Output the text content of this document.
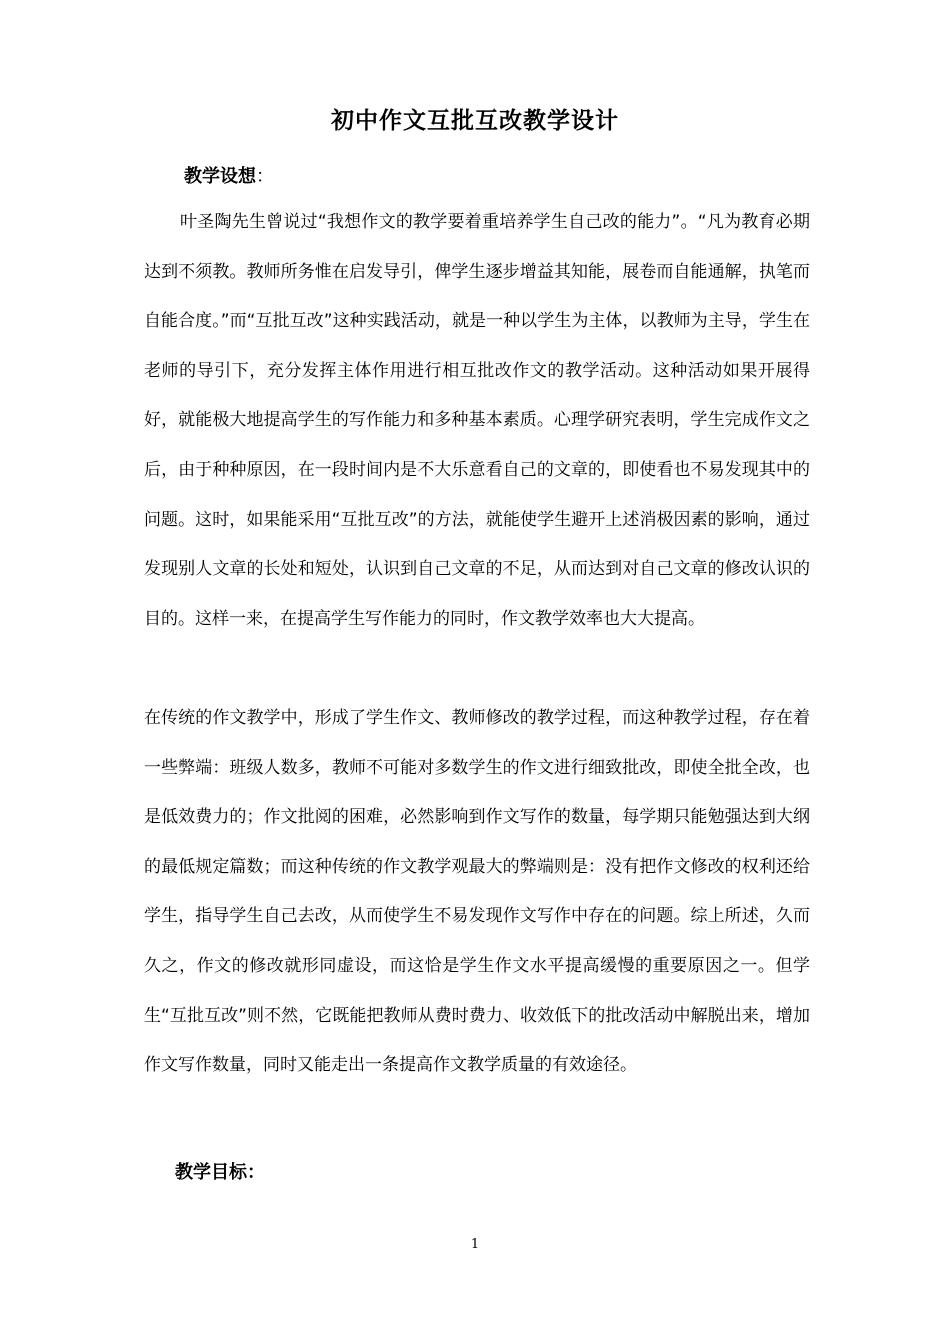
初中作文互批互改教学设计
教学设想：
叶圣陶先生曾说过“我想作文的教学要着重培养学生自己改的能力”。“凡为教育必期达到不须教。教师所务惟在启发导引，俾学生逐步增益其知能，展卷而自能通解，执笔而自能合度。”而“互批互改”这种实践活动，就是一种以学生为主体，以教师为主导，学生在老师的导引下，充分发挥主体作用进行相互批改作文的教学活动。这种活动如果开展得好，就能极大地提高学生的写作能力和多种基本素质。心理学研究表明，学生完成作文之后，由于种种原因，在一段时间内是不大乐意看自己的文章的，即使看也不易发现其中的问题。这时，如果能采用“互批互改”的方法，就能使学生避开上述消极因素的影响，通过发现别人文章的长处和短处，认识到自己文章的不足，从而达到对自己文章的修改认识的目的。这样一来，在提高学生写作能力的同时，作文教学效率也大大提高。
在传统的作文教学中，形成了学生作文、教师修改的教学过程，而这种教学过程，存在着一些弊端：班级人数多，教师不可能对多数学生的作文进行细致批改，即使全批全改，也是低效费力的；作文批阅的困难，必然影响到作文写作的数量，每学期只能勉强达到大纲的最低规定篇数；而这种传统的作文教学观最大的弊端则是：没有把作文修改的权利还给学生，指导学生自己去改，从而使学生不易发现作文写作中存在的问题。综上所述，久而久之，作文的修改就形同虚设，而这恰是学生作文水平提高缓慢的重要原因之一。但学生“互批互改”则不然，它既能把教师从费时费力、收效低下的批改活动中解脱出来，增加作文写作数量，同时又能走出一条提高作文教学质量的有效途径。
教学目标：
1
